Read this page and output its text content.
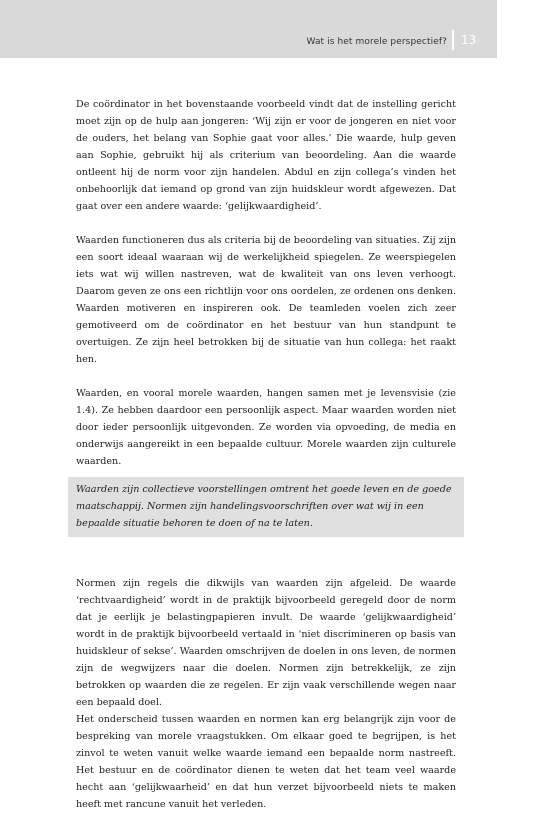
Wat is het morele perspectief? 13

De coördinator in het bovenstaande voorbeeld vindt dat de instelling gericht moet zijn op de hulp aan jongeren: ‘Wij zijn er voor de jongeren en niet voor de ouders, het belang van Sophie gaat voor alles.’ Die waarde, hulp geven aan Sophie, gebruikt hij als criterium van beoordeling. Aan die waarde ontleent hij de norm voor zijn handelen. Abdul en zijn collega’s vinden het onbehoorlijk dat iemand op grond van zijn huidskleur wordt afgewezen. Dat gaat over een andere waarde: ‘gelijkwaardigheid’.

Waarden functioneren dus als criteria bij de beoordeling van situaties. Zij zijn een soort ideaal waaraan wij de werkelijkheid spiegelen. Ze weerspiegelen iets wat wij willen nastreven, wat de kwaliteit van ons leven verhoogt. Daarom geven ze ons een richtlijn voor ons oordelen, ze ordenen ons denken. Waarden motiveren en inspireren ook. De teamleden voelen zich zeer gemotiveerd om de coördinator en het bestuur van hun standpunt te overtuigen. Ze zijn heel betrokken bij de situatie van hun collega: het raakt hen.

Waarden, en vooral morele waarden, hangen samen met je levensvisie (zie 1.4). Ze hebben daardoor een persoonlijk aspect. Maar waarden worden niet door ieder persoonlijk uitgevonden. Ze worden via opvoeding, de media en onderwijs aangereikt in een bepaalde cultuur. Morele waarden zijn culturele waarden.

Waarden zijn collectieve voorstellingen omtrent het goede leven en de goede maatschappij. Normen zijn handelingsvoorschriften over wat wij in een bepaalde situatie behoren te doen of na te laten.

Normen zijn regels die dikwijls van waarden zijn afgeleid. De waarde ‘rechtvaardigheid’ wordt in de praktijk bijvoorbeeld geregeld door de norm dat je eerlijk je belastingpapieren invult. De waarde ‘gelijkwaardigheid’ wordt in de praktijk bijvoorbeeld vertaald in ‘niet discrimineren op basis van huidskleur of sekse’. Waarden omschrijven de doelen in ons leven, de normen zijn de wegwijzers naar die doelen. Normen zijn betrekkelijk, ze zijn betrokken op waarden die ze regelen. Er zijn vaak verschillende wegen naar een bepaald doel.

Het onderscheid tussen waarden en normen kan erg belangrijk zijn voor de bespreking van morele vraagstukken. Om elkaar goed te begrijpen, is het zinvol te weten vanuit welke waarde iemand een bepaalde norm nastreeft. Het bestuur en de coördinator dienen te weten dat het team veel waarde hecht aan ‘gelijkwaarheid’ en dat hun verzet bijvoorbeeld niets te maken heeft met rancune vanuit het verleden.
